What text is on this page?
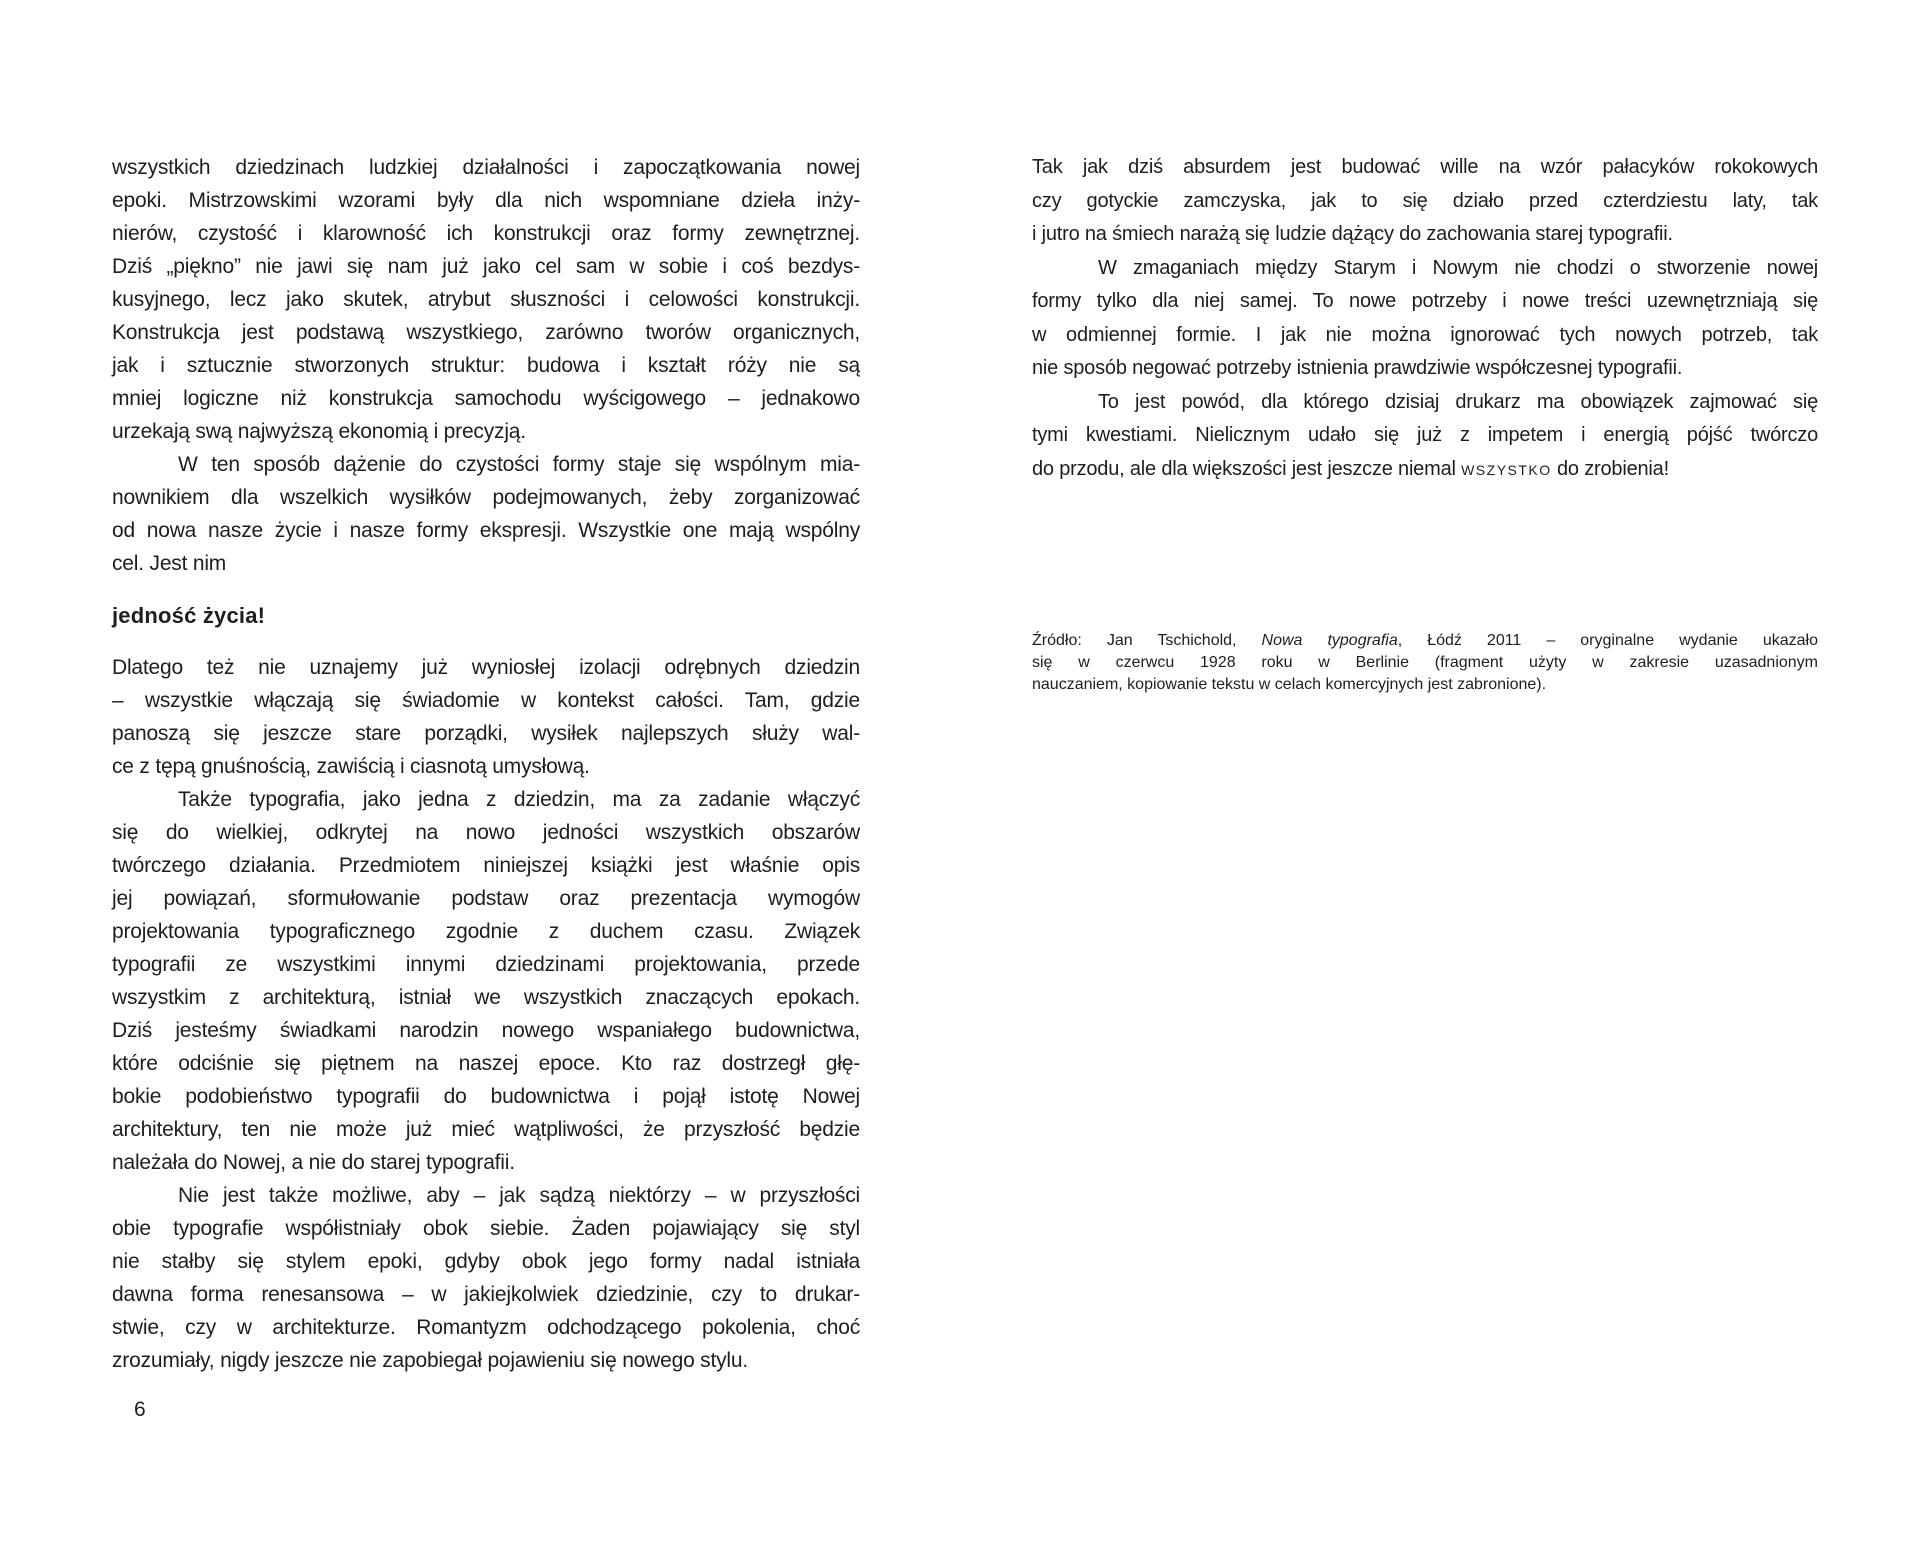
wszystkich dziedzinach ludzkiej działalności i zapoczątkowania nowej
epoki. Mistrzowskimi wzorami były dla nich wspomniane dzieła inży-
nierów, czystość i klarowność ich konstrukcji oraz formy zewnętrznej.
Dziś „piękno” nie jawi się nam już jako cel sam w sobie i coś bezdys-
kusyjnego, lecz jako skutek, atrybut słuszności i celowości konstrukcji.
Konstrukcja jest podstawą wszystkiego, zarówno tworów organicznych,
jak i sztucznie stworzonych struktur: budowa i kształt róży nie są
mniej logiczne niż konstrukcja samochodu wyścigowego – jednakowo
urzekają swą najwyższą ekonomią i precyzją.
W ten sposób dążenie do czystości formy staje się wspólnym mia-
nownikiem dla wszelkich wysiłków podejmowanych, żeby zorganizować
od nowa nasze życie i nasze formy ekspresji. Wszystkie one mają wspólny
cel. Jest nim
jedność życia!
Dlatego też nie uznajemy już wyniosłej izolacji odrębnych dziedzin
– wszystkie włączają się świadomie w kontekst całości. Tam, gdzie
panoszą się jeszcze stare porządki, wysiłek najlepszych służy wal-
ce z tępą gnuśnością, zawiścią i ciasnotą umysłową.
Także typografia, jako jedna z dziedzin, ma za zadanie włączyć
się do wielkiej, odkrytej na nowo jedności wszystkich obszarów
twórczego działania. Przedmiotem niniejszej książki jest właśnie opis
jej powiązań, sformułowanie podstaw oraz prezentacja wymogów
projektowania typograficznego zgodnie z duchem czasu. Związek
typografii ze wszystkimi innymi dziedzinami projektowania, przede
wszystkim z architekturą, istniał we wszystkich znaczących epokach.
Dziś jesteśmy świadkami narodzin nowego wspaniałego budownictwa,
które odciśnie się piętnem na naszej epoce. Kto raz dostrzegł głę-
bokie podobieństwo typografii do budownictwa i pojął istotę Nowej
architektury, ten nie może już mieć wątpliwości, że przyszłość będzie
należała do Nowej, a nie do starej typografii.
Nie jest także możliwe, aby – jak sądzą niektórzy – w przyszłości
obie typografie współistniały obok siebie. Żaden pojawiający się styl
nie stałby się stylem epoki, gdyby obok jego formy nadal istniała
dawna forma renesansowa – w jakiejkolwiek dziedzinie, czy to drukar-
stwie, czy w architekturze. Romantyzm odchodzącego pokolenia, choć
zrozumiały, nigdy jeszcze nie zapobiegał pojawieniu się nowego stylu.
Tak jak dziś absurdem jest budować wille na wzór pałacyków rokokowych
czy gotyckie zamczyska, jak to się działo przed czterdziestu laty, tak
i jutro na śmiech narażą się ludzie dążący do zachowania starej typografii.
W zmaganiach między Starym i Nowym nie chodzi o stworzenie nowej
formy tylko dla niej samej. To nowe potrzeby i nowe treści uzewnętrzniają się
w odmiennej formie. I jak nie można ignorować tych nowych potrzeb, tak
nie sposób negować potrzeby istnienia prawdziwie współczesnej typografii.
To jest powód, dla którego dzisiaj drukarz ma obowiązek zajmować się
tymi kwestiami. Nielicznym udało się już z impetem i energią pójść twórczo
do przodu, ale dla większości jest jeszcze niemal wszystko do zrobienia!
Źródło: Jan Tschichold, Nowa typografia, Łódź 2011 – oryginalne wydanie ukazało
się w czerwcu 1928 roku w Berlinie (fragment użyty w zakresie uzasadnionym
nauczaniem, kopiowanie tekstu w celach komercyjnych jest zabronione).
6
